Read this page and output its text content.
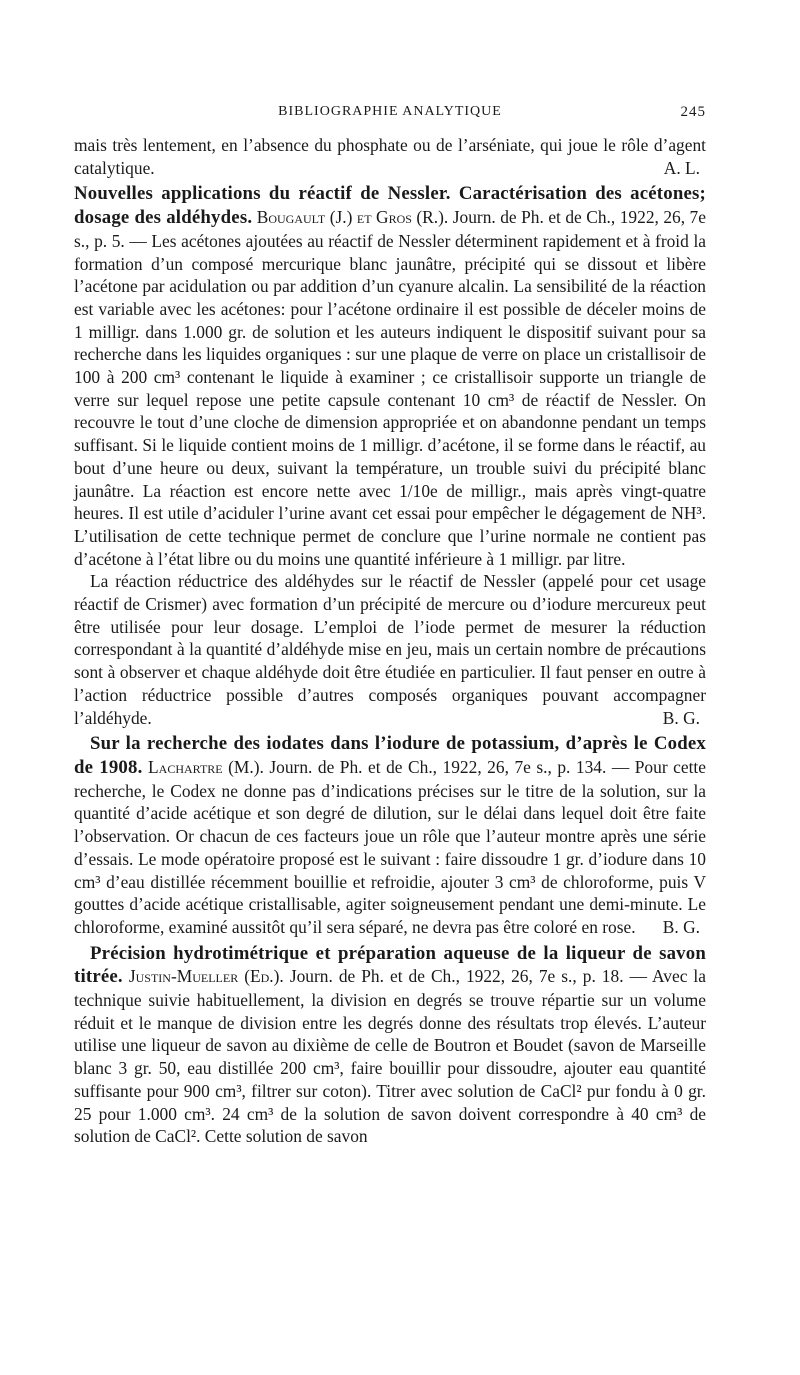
BIBLIOGRAPHIE ANALYTIQUE	245

mais très lentement, en l’absence du phosphate ou de l’arséniate, qui joue le rôle d’agent catalytique.	A. L.

Nouvelles applications du réactif de Nessler. Caractérisation des acétones; dosage des aldéhydes. Bougault (J.) et Gros (R.). Journ. de Ph. et de Ch., 1922, 26, 7e s., p. 5. — Les acétones ajoutées au réactif de Nessler déterminent rapidement et à froid la formation d’un composé mercurique blanc jaunâtre, précipité qui se dissout et libère l’acétone par acidulation ou par addition d’un cyanure alcalin. La sensibilité de la réaction est variable avec les acétones: pour l’acétone ordinaire il est possible de déceler moins de 1 milligr. dans 1.000 gr. de solution et les auteurs indiquent le dispositif suivant pour sa recherche dans les liquides organiques : sur une plaque de verre on place un cristallisoir de 100 à 200 cm³ contenant le liquide à examiner ; ce cristallisoir supporte un triangle de verre sur lequel repose une petite capsule contenant 10 cm³ de réactif de Nessler. On recouvre le tout d’une cloche de dimension appropriée et on abandonne pendant un temps suffisant. Si le liquide contient moins de 1 milligr. d’acétone, il se forme dans le réactif, au bout d’une heure ou deux, suivant la température, un trouble suivi du précipité blanc jaunâtre. La réaction est encore nette avec 1/10e de milligr., mais après vingt-quatre heures. Il est utile d’aciduler l’urine avant cet essai pour empêcher le dégagement de NH³. L’utilisation de cette technique permet de conclure que l’urine normale ne contient pas d’acétone à l’état libre ou du moins une quantité inférieure à 1 milligr. par litre.

La réaction réductrice des aldéhydes sur le réactif de Nessler (appelé pour cet usage réactif de Crismer) avec formation d’un précipité de mercure ou d’iodure mercureux peut être utilisée pour leur dosage. L’emploi de l’iode permet de mesurer la réduction correspondant à la quantité d’aldéhyde mise en jeu, mais un certain nombre de précautions sont à observer et chaque aldéhyde doit être étudiée en particulier. Il faut penser en outre à l’action réductrice possible d’autres composés organiques pouvant accompagner l’aldéhyde.	B. G.

Sur la recherche des iodates dans l’iodure de potassium, d’après le Codex de 1908. Lachartre (M.). Journ. de Ph. et de Ch., 1922, 26, 7e s., p. 134. — Pour cette recherche, le Codex ne donne pas d’indications précises sur le titre de la solution, sur la quantité d’acide acétique et son degré de dilution, sur le délai dans lequel doit être faite l’observation. Or chacun de ces facteurs joue un rôle que l’auteur montre après une série d’essais. Le mode opératoire proposé est le suivant : faire dissoudre 1 gr. d’iodure dans 10 cm³ d’eau distillée récemment bouillie et refroidie, ajouter 3 cm³ de chloroforme, puis V gouttes d’acide acétique cristallisable, agiter soigneusement pendant une demi-minute. Le chloroforme, examiné aussitôt qu’il sera séparé, ne devra pas être coloré en rose.	B. G.

Précision hydrotimétrique et préparation aqueuse de la liqueur de savon titrée. Justin-Mueller (Ed.). Journ. de Ph. et de Ch., 1922, 26, 7e s., p. 18. — Avec la technique suivie habituellement, la division en degrés se trouve répartie sur un volume réduit et le manque de division entre les degrés donne des résultats trop élevés. L’auteur utilise une liqueur de savon au dixième de celle de Boutron et Boudet (savon de Marseille blanc 3 gr. 50, eau distillée 200 cm³, faire bouillir pour dissoudre, ajouter eau quantité suffisante pour 900 cm³, filtrer sur coton). Titrer avec solution de CaCl² pur fondu à 0 gr. 25 pour 1.000 cm³. 24 cm³ de la solution de savon doivent correspondre à 40 cm³ de solution de CaCl². Cette solution de savon
